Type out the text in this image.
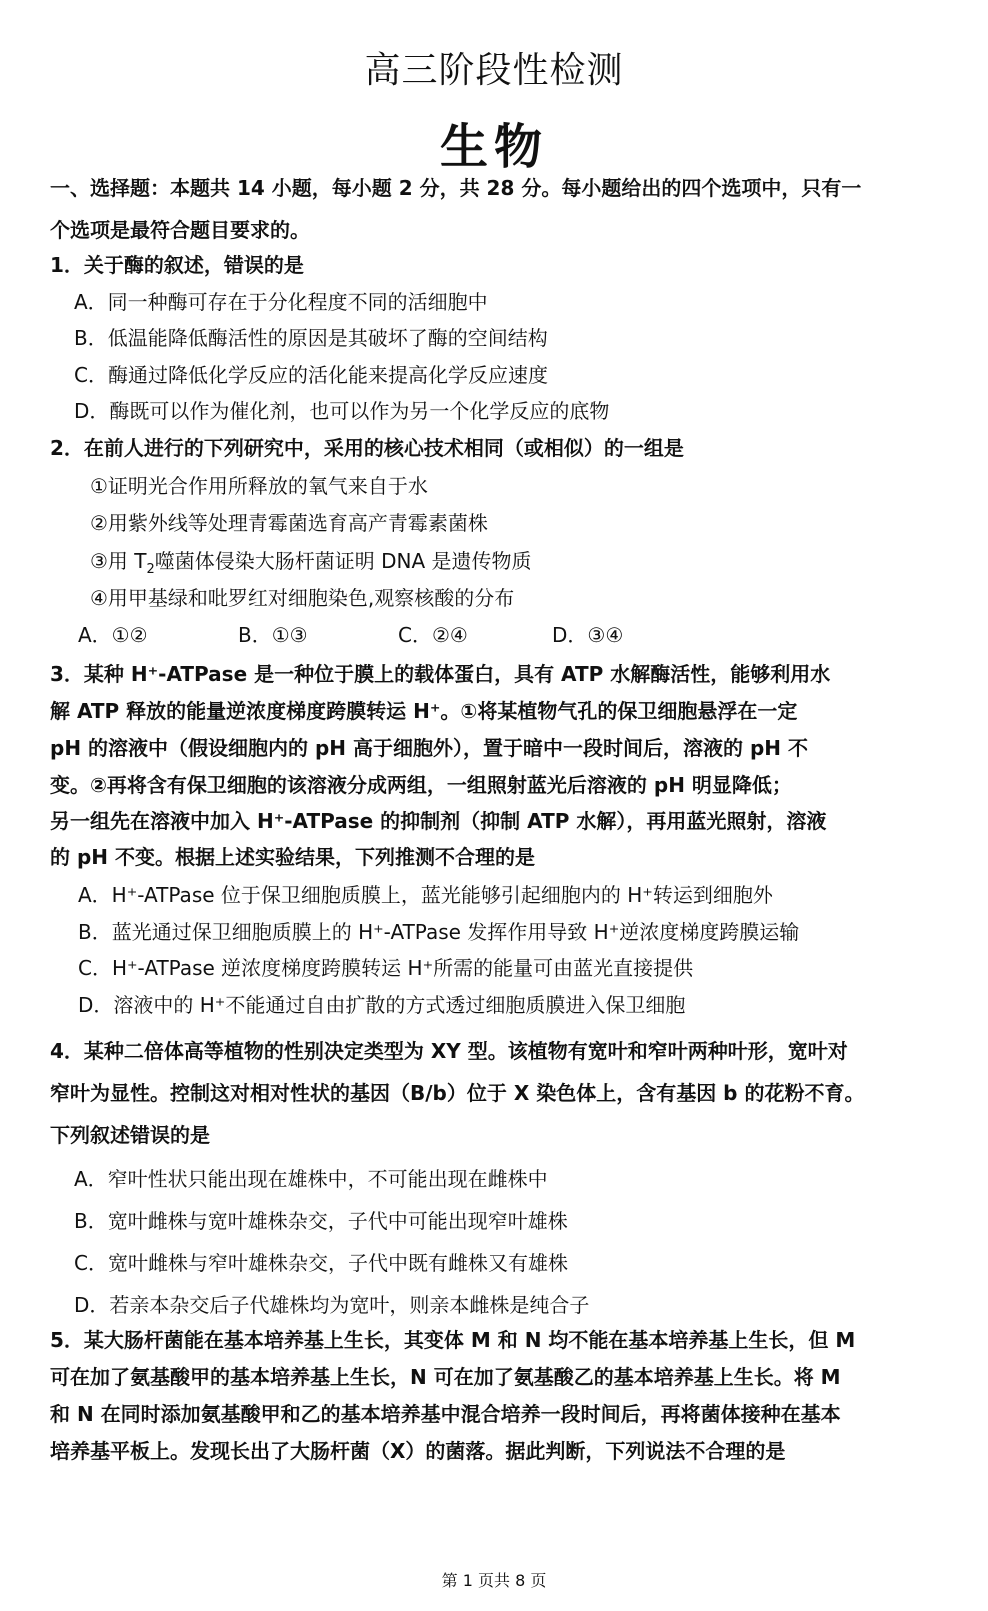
高三阶段性检测
生物
一、选择题：本题共 14 小题，每小题 2 分，共 28 分。每小题给出的四个选项中，只有一
个选项是最符合题目要求的。
1．关于酶的叙述，错误的是
A．同一种酶可存在于分化程度不同的活细胞中
B．低温能降低酶活性的原因是其破坏了酶的空间结构
C．酶通过降低化学反应的活化能来提高化学反应速度
D．酶既可以作为催化剂，也可以作为另一个化学反应的底物
2．在前人进行的下列研究中，采用的核心技术相同（或相似）的一组是
①证明光合作用所释放的氧气来自于水
②用紫外线等处理青霉菌选育高产青霉素菌株
③用 $T_2$噬菌体侵染大肠杆菌证明 DNA 是遗传物质
④用甲基绿和吡罗红对细胞染色,观察核酸的分布
A．①②	B．①③	C．②④	D．③④
3．某种 H⁺-ATPase 是一种位于膜上的载体蛋白，具有 ATP 水解酶活性，能够利用水
解 ATP 释放的能量逆浓度梯度跨膜转运 H⁺。①将某植物气孔的保卫细胞悬浮在一定
pH 的溶液中（假设细胞内的 pH 高于细胞外），置于暗中一段时间后，溶液的 pH 不
变。②再将含有保卫细胞的该溶液分成两组，一组照射蓝光后溶液的 pH 明显降低；
另一组先在溶液中加入 H⁺-ATPase 的抑制剂（抑制 ATP 水解），再用蓝光照射，溶液
的 pH 不变。根据上述实验结果，下列推测不合理的是
A．H⁺-ATPase 位于保卫细胞质膜上，蓝光能够引起细胞内的 H⁺转运到细胞外
B．蓝光通过保卫细胞质膜上的 H⁺-ATPase 发挥作用导致 H⁺逆浓度梯度跨膜运输
C．H⁺-ATPase 逆浓度梯度跨膜转运 H⁺所需的能量可由蓝光直接提供
D．溶液中的 H⁺不能通过自由扩散的方式透过细胞质膜进入保卫细胞
4．某种二倍体高等植物的性别决定类型为 XY 型。该植物有宽叶和窄叶两种叶形，宽叶对
窄叶为显性。控制这对相对性状的基因（B/b）位于 X 染色体上，含有基因 b 的花粉不育。
下列叙述错误的是
A．窄叶性状只能出现在雄株中，不可能出现在雌株中
B．宽叶雌株与宽叶雄株杂交，子代中可能出现窄叶雄株
C．宽叶雌株与窄叶雄株杂交，子代中既有雌株又有雄株
D．若亲本杂交后子代雄株均为宽叶，则亲本雌株是纯合子
5．某大肠杆菌能在基本培养基上生长，其变体 M 和 N 均不能在基本培养基上生长，但 M
可在加了氨基酸甲的基本培养基上生长，N 可在加了氨基酸乙的基本培养基上生长。将 M
和 N 在同时添加氨基酸甲和乙的基本培养基中混合培养一段时间后，再将菌体接种在基本
培养基平板上。发现长出了大肠杆菌（X）的菌落。据此判断，下列说法不合理的是
第 1 页共 8 页
